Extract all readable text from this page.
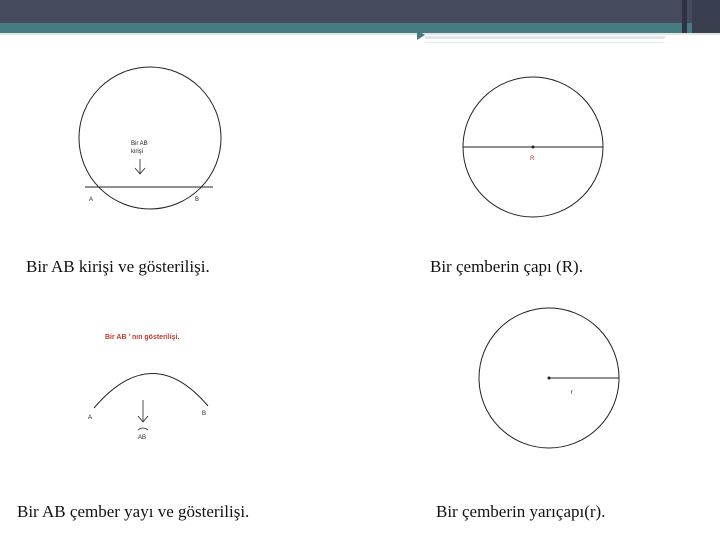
Bir AB
kirişi
A	B
R
Bir AB ’ nın gösterilişi.
A
B
AB
r
Bir AB kirişi ve gösterilişi.	Bir çemberin çapı (R).
Bir AB çember yayı ve gösterilişi.	Bir çemberin yarıçapı(r).
